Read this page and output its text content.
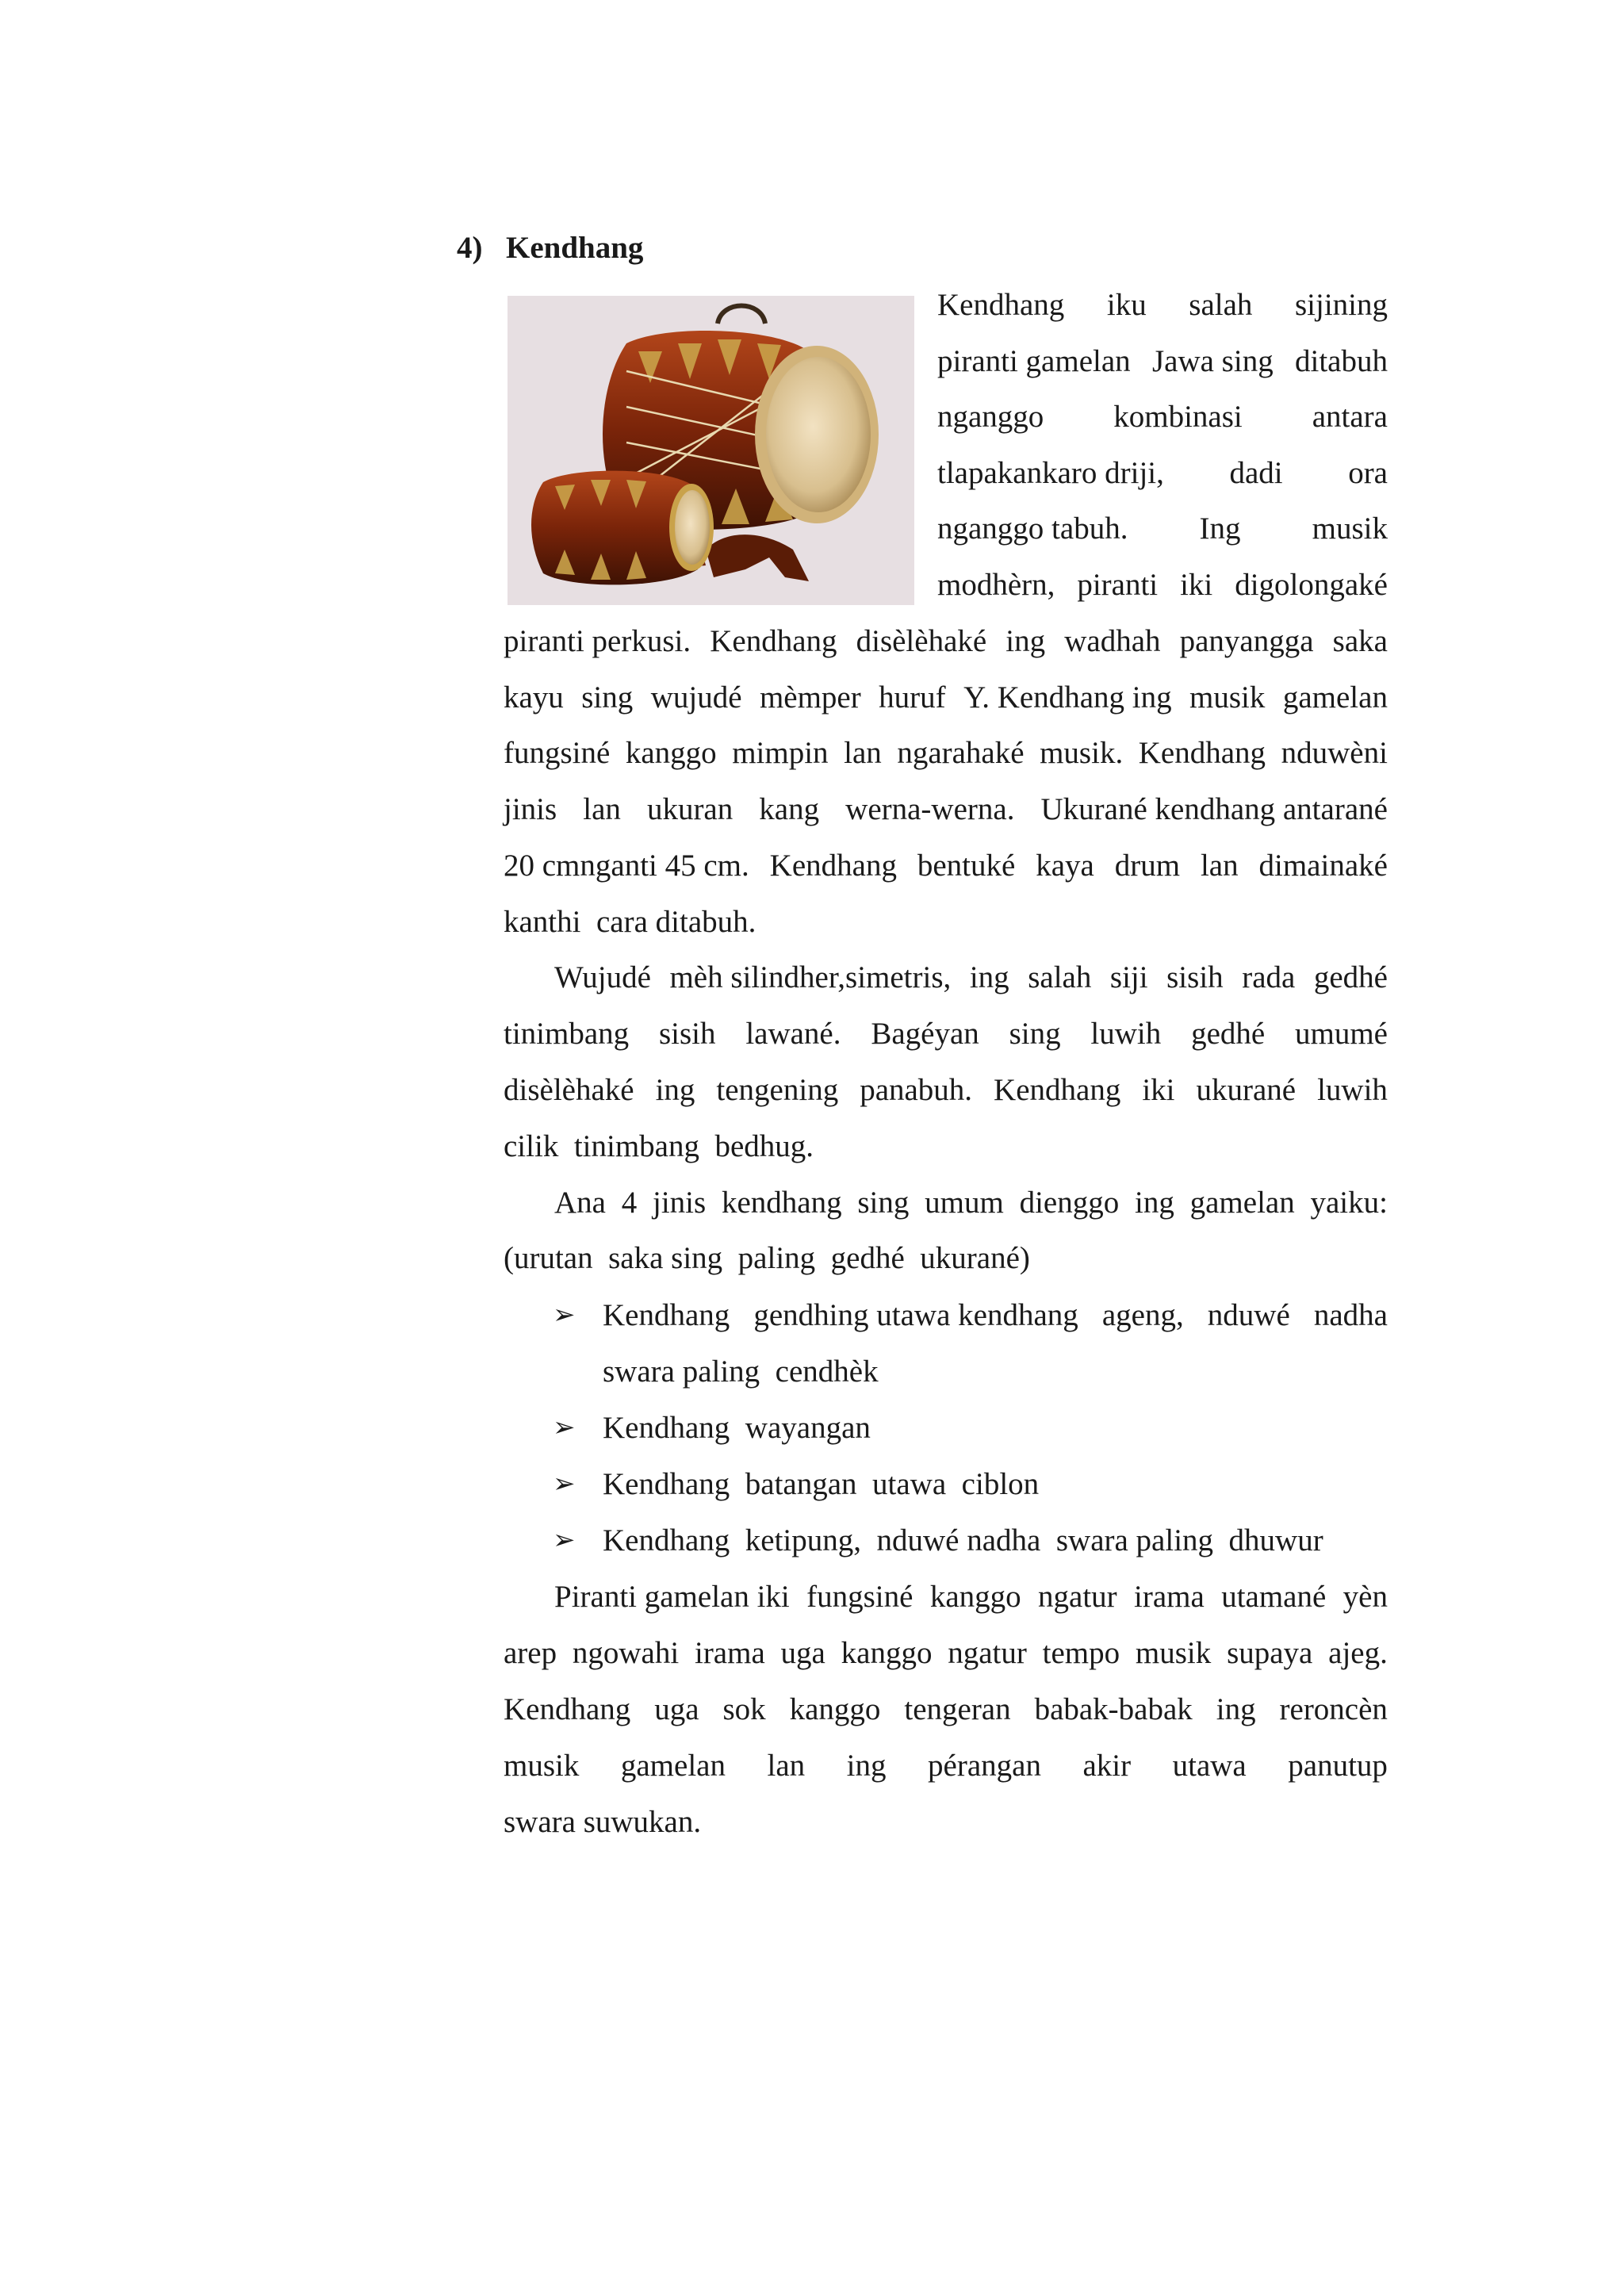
4) Kendhang
Kendhang iku salah sijining
piranti gamelan Jawa sing ditabuh
nganggo kombinasi antara
tlapakankaro driji, dadi ora
nganggo tabuh. Ing musik
modhèrn, piranti iki digolongaké
piranti perkusi. Kendhang disèlèhaké ing wadhah panyangga saka
kayu sing wujudé mèmper huruf Y. Kendhang ing musik gamelan
fungsiné kanggo mimpin lan ngarahaké musik. Kendhang nduwèni
jinis lan ukuran kang werna-werna. Ukurané kendhang antarané
20 cmnganti 45 cm. Kendhang bentuké kaya drum lan dimainaké
kanthi  cara ditabuh.
Wujudé mèh silindher,simetris, ing salah siji sisih rada gedhé
tinimbang sisih lawané. Bagéyan sing luwih gedhé umumé
disèlèhaké ing tengening panabuh. Kendhang iki ukurané luwih
cilik  tinimbang  bedhug.
Ana 4 jinis kendhang sing umum dienggo ing gamelan yaiku:
(urutan  saka sing  paling  gedhé  ukurané)
➢ Kendhang gendhing utawa kendhang ageng, nduwé nadha
swara paling  cendhèk
➢ Kendhang  wayangan
➢ Kendhang  batangan  utawa  ciblon
➢ Kendhang  ketipung,  nduwé nadha  swara paling  dhuwur
Piranti gamelan iki fungsiné kanggo ngatur irama utamané yèn
arep ngowahi irama uga kanggo ngatur tempo musik supaya ajeg.
Kendhang uga sok kanggo tengeran babak-babak ing reroncèn
musik gamelan lan ing pérangan akir utawa panutup
swara suwukan.
